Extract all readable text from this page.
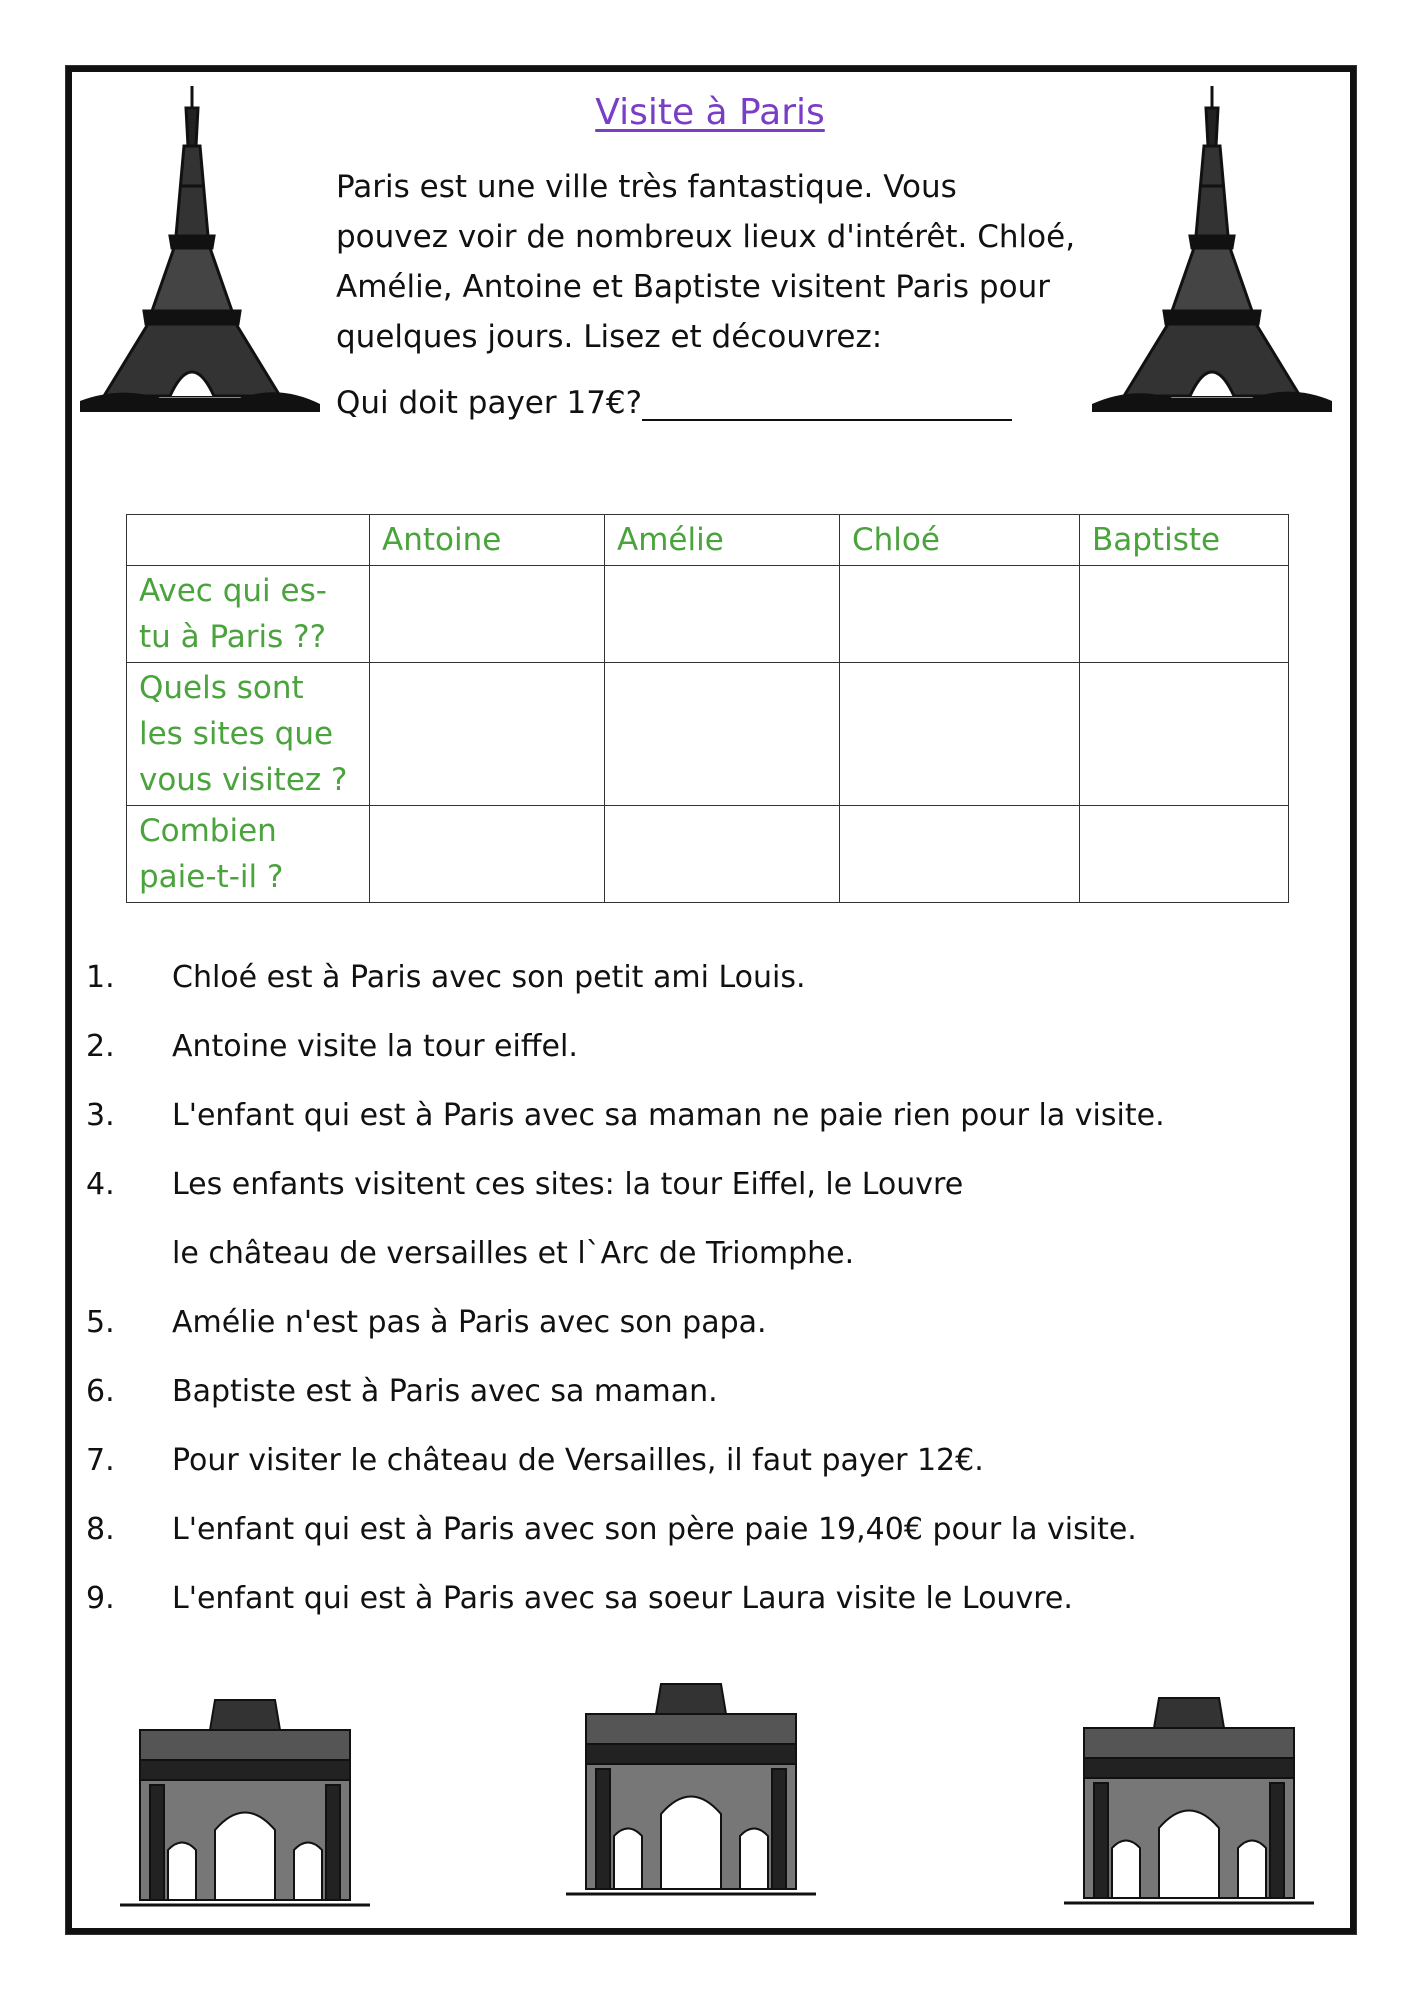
Visite à Paris

Paris est une ville très fantastique. Vous pouvez voir de nombreux lieux d'intérêt. Chloé, Amélie, Antoine et Baptiste visitent Paris pour quelques jours. Lisez et découvrez:

Qui doit payer 17€?

	Antoine	Amélie	Chloé	Baptiste
Avec qui es-tu à Paris ??				
Quels sont les sites que vous visitez ?				
Combien paie-t-il ?				
1.	Chloé est à Paris avec son petit ami Louis.
2.	Antoine visite la tour eiffel.
3.	L'enfant qui est à Paris avec sa maman ne paie rien pour la visite.
4.	Les enfants visitent ces sites: la tour Eiffel, le Louvre
le château de versailles et l`Arc de Triomphe.
5.	Amélie n'est pas à Paris avec son papa.
6.	Baptiste est à Paris avec sa maman.
7.	Pour visiter le château de Versailles, il faut payer 12€.
8.	L'enfant qui est à Paris avec son père paie 19,40€ pour la visite.
9.	L'enfant qui est à Paris avec sa soeur Laura visite le Louvre.
